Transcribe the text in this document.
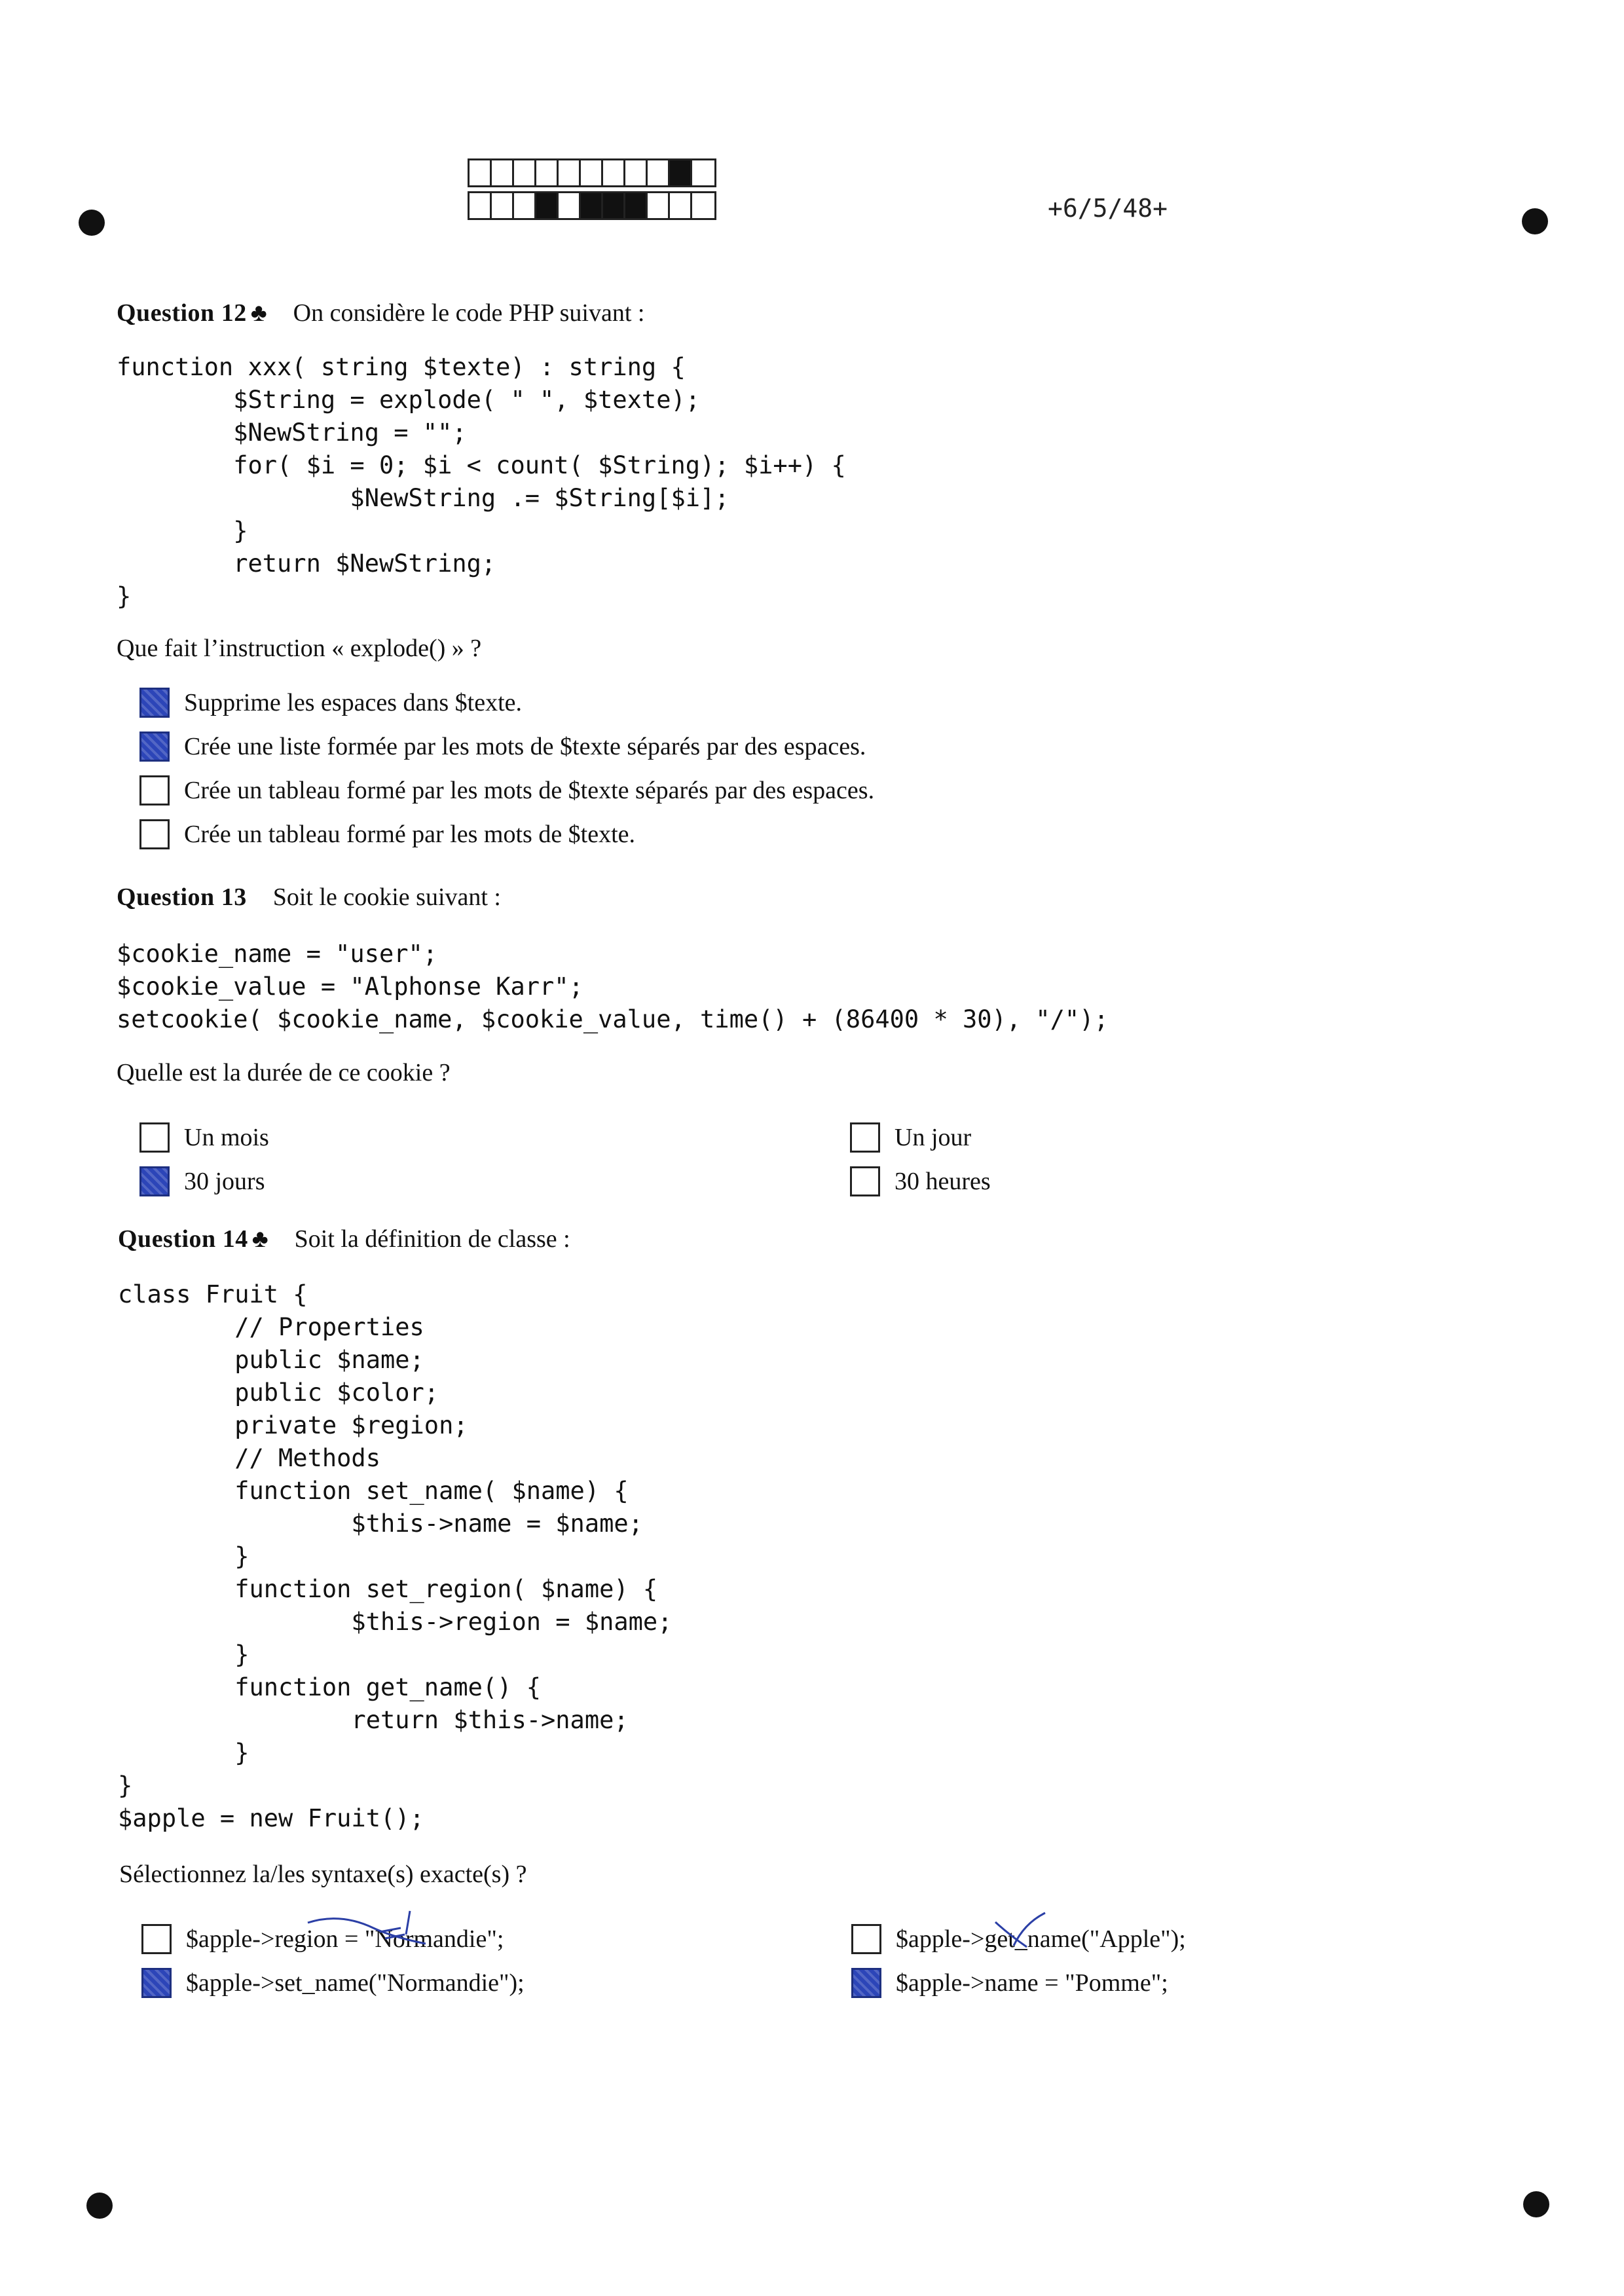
+6/5/48+
Question 12 ♣ On considère le code PHP suivant :
function xxx( string $texte) : string {
$String = explode( " ", $texte);
$NewString = "";
for( $i = 0; $i < count( $String); $i++) {
$NewString .= $String[$i];
}
return $NewString;
}
Que fait l’instruction « explode() » ?
Supprime les espaces dans $texte.
Crée une liste formée par les mots de $texte séparés par des espaces.
Crée un tableau formé par les mots de $texte séparés par des espaces.
Crée un tableau formé par les mots de $texte.
Question 13 Soit le cookie suivant :
$cookie_name = "user";
$cookie_value = "Alphonse Karr";
setcookie( $cookie_name, $cookie_value, time() + (86400 * 30), "/");
Quelle est la durée de ce cookie ?
Un mois
30 jours
Un jour
30 heures
Question 14 ♣ Soit la définition de classe :
class Fruit {
// Properties
public $name;
public $color;
private $region;
// Methods
function set_name( $name) {
$this->name = $name;
}
function set_region( $name) {
$this->region = $name;
}
function get_name() {
return $this->name;
}
}
$apple = new Fruit();
Sélectionnez la/les syntaxe(s) exacte(s) ?
$apple->region = "Normandie";
$apple->set_name("Normandie");
$apple->get_name("Apple");
$apple->name = "Pomme";
